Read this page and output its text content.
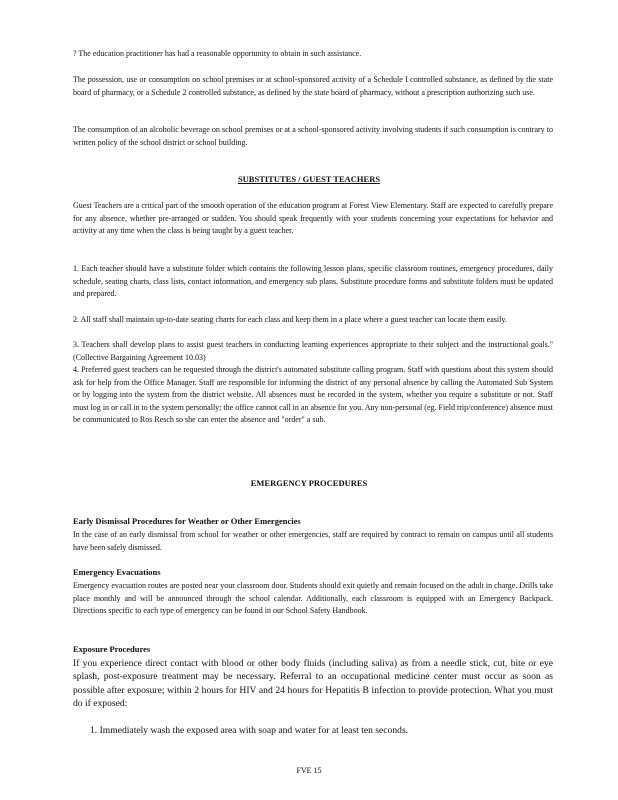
? The education practitioner has had a reasonable opportunity to obtain in such assistance.
The possession, use or consumption on school premises or at school-sponsored activity of a Schedule I controlled substance, as defined by the state board of pharmacy, or a Schedule 2 controlled substance, as defined by the state board of pharmacy, without a prescription authorizing such use.
The consumption of an alcoholic beverage on school premises or at a school-sponsored activity involving students if such consumption is contrary to written policy of the school district or school building.
SUBSTITUTES / GUEST TEACHERS
Guest Teachers are a critical part of the smooth operation of the education program at Forest View Elementary. Staff are expected to carefully prepare for any absence, whether pre-arranged or sudden. You should speak frequently with your students concerning your expectations for behavior and activity at any time when the class is being taught by a guest teacher.
1. Each teacher should have a substitute folder which contains the following lesson plans, specific classroom routines, emergency procedures, daily schedule, seating charts, class lists, contact information, and emergency sub plans. Substitute procedure forms and substitute folders must be updated and prepared.
2. All staff shall maintain up-to-date seating charts for each class and keep them in a place where a guest teacher can locate them easily.
3. Teachers shall develop plans to assist guest teachers in conducting learning experiences appropriate to their subject and the instructional goals." (Collective Bargaining Agreement 10.03)
4. Preferred guest teachers can be requested through the district's automated substitute calling program. Staff with questions about this system should ask for help from the Office Manager. Staff are responsible for informing the district of any personal absence by calling the Automated Sub System or by logging into the system from the district website. All absences must be recorded in the system, whether you require a substitute or not. Staff must log in or call in to the system personally; the office cannot call in an absence for you. Any non-personal (eg. Field trip/conference) absence must be communicated to Ros Resch so she can enter the absence and "order" a sub.
EMERGENCY PROCEDURES
Early Dismissal Procedures for Weather or Other Emergencies
In the case of an early dismissal from school for weather or other emergencies, staff are required by contract to remain on campus until all students have been safely dismissed.
Emergency Evacuations
Emergency evacuation routes are posted near your classroom door. Students should exit quietly and remain focused on the adult in charge. Drills take place monthly and will be announced through the school calendar. Additionally, each classroom is equipped with an Emergency Backpack. Directions specific to each type of emergency can be found in our School Safety Handbook.
Exposure Procedures
If you experience direct contact with blood or other body fluids (including saliva) as from a needle stick, cut, bite or eye splash, post-exposure treatment may be necessary. Referral to an occupational medicine center must occur as soon as possible after exposure; within 2 hours for HIV and 24 hours for Hepatitis B infection to provide protection. What you must do if exposed:
1. Immediately wash the exposed area with soap and water for at least ten seconds.
FVE 15
